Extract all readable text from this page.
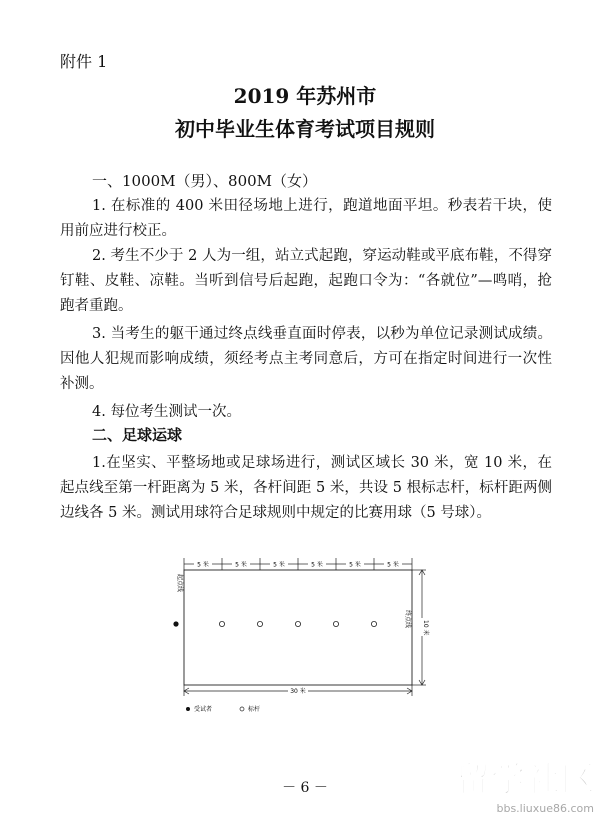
附件 1
2019 年苏州市
初中毕业生体育考试项目规则
一、1000M（男）、800M（女）

1. 在标准的 400 米田径场地上进行，跑道地面平坦。秒表若干块，使用前应进行校正。

2. 考生不少于 2 人为一组，站立式起跑，穿运动鞋或平底布鞋，不得穿钉鞋、皮鞋、凉鞋。当听到信号后起跑，起跑口令为：“各就位”—鸣哨，抢跑者重跑。

3. 当考生的躯干通过终点线垂直面时停表，以秒为单位记录测试成绩。因他人犯规而影响成绩，须经考点主考同意后，方可在指定时间进行一次性补测。

4. 每位考生测试一次。

二、足球运球

1.在坚实、平整场地或足球场进行，测试区域长 30 米，宽 10 米，在起点线至第一杆距离为 5 米，各杆间距 5 米，共设 5 根标志杆，标杆距两侧边线各 5 米。测试用球符合足球规则中规定的比赛用球（5 号球）。

5 米	5 米	5 米	5 米	5 米	5 米
起点线
终点线 10 米
30 米
受试者	标杆
－ 6 －	留学社区
bbs.liuxue86.com
